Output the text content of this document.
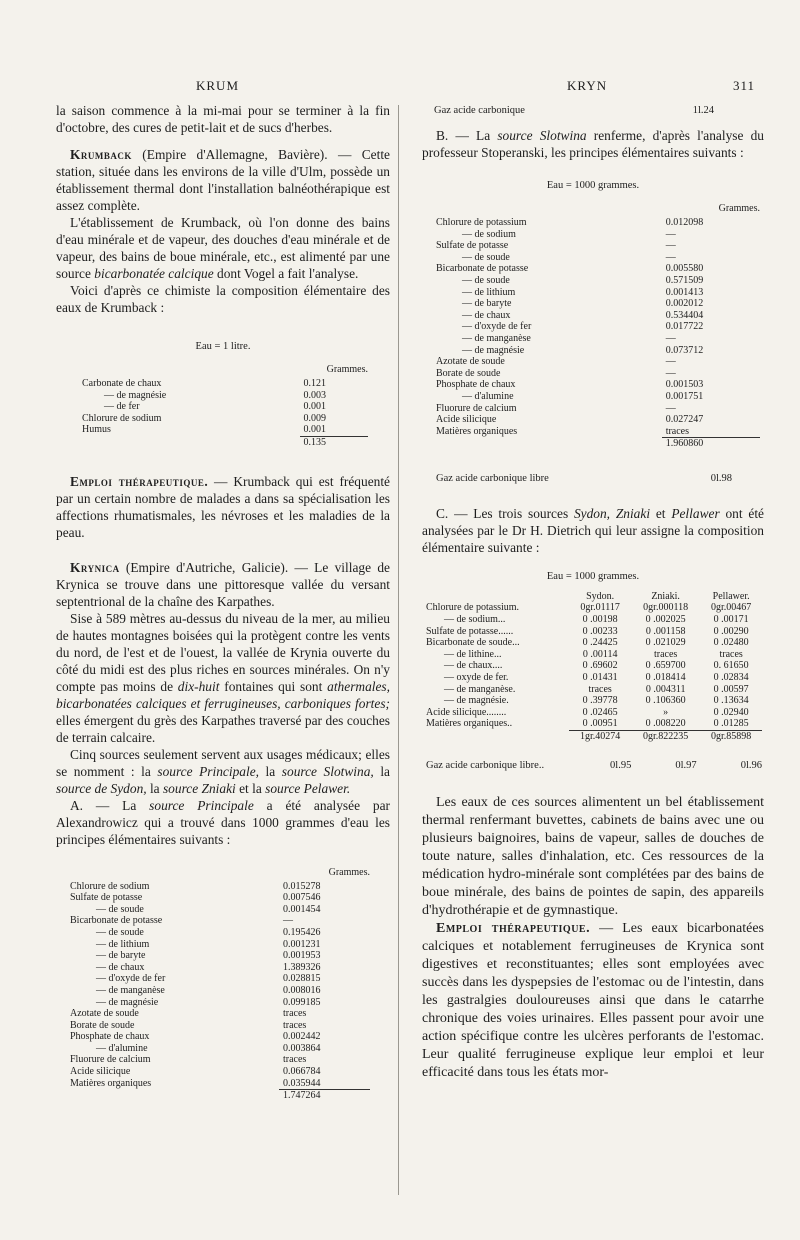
KRUM	KRYN	311

la saison commence à la mi-mai pour se terminer à la fin d'octobre, des cures de petit-lait et de sucs d'herbes.

Krumback (Empire d'Allemagne, Bavière). — Cette station, située dans les environs de la ville d'Ulm, possède un établissement thermal dont l'installation balnéothérapique est assez complète.

L'établissement de Krumback, où l'on donne des bains d'eau minérale et de vapeur, des douches d'eau minérale et de vapeur, des bains de boue minérale, etc., est alimenté par une source bicarbonatée calcique dont Vogel a fait l'analyse.

Voici d'après ce chimiste la composition élémentaire des eaux de Krumback :

Eau = 1 litre.
Grammes.
Carbonate de chaux	0.121
— de magnésie	0.003
— de fer	0.001
Chlorure de sodium	0.009
Humus	0.001
	0.135

Emploi thérapeutique. — Krumback qui est fréquenté par un certain nombre de malades a dans sa spécialisation les affections rhumatismales, les névroses et les maladies de la peau.

Krynica (Empire d'Autriche, Galicie). — Le village de Krynica se trouve dans une pittoresque vallée du versant septentrional de la chaîne des Karpathes.

Sise à 589 mètres au-dessus du niveau de la mer, au milieu de hautes montagnes boisées qui la protègent contre les vents du nord, de l'est et de l'ouest, la vallée de Krynia ouverte du côté du midi est des plus riches en sources minérales. On n'y compte pas moins de dix-huit fontaines qui sont athermales, bicarbonatées calciques et ferrugineuses, carboniques fortes; elles émergent du grès des Karpathes traversé par des couches de terrain calcaire.

Cinq sources seulement servent aux usages médicaux; elles se nomment : la source Principale, la source Slotwina, la source de Sydon, la source Zniaki et la source Pelawer.

A. — La source Principale a été analysée par Alexandrowicz qui a trouvé dans 1000 grammes d'eau les principes élémentaires suivants :

Grammes.
Chlorure de sodium	0.015278
Sulfate de potasse	0.007546
— de soude	0.001454
Bicarbonate de potasse	—
— de soude	0.195426
— de lithium	0.001231
— de baryte	0.001953
— de chaux	1.389326
— d'oxyde de fer	0.028815
— de manganèse	0.008016
— de magnésie	0.099185
Azotate de soude	traces
Borate de soude	traces
Phosphate de chaux	0.002442
— d'alumine	0.003864
Fluorure de calcium	traces
Acide silicique	0.066784
Matières organiques	0.035944
	1.747264
Gaz acide carbonique	1l.24

B. — La source Slotwina renferme, d'après l'analyse du professeur Stoperanski, les principes élémentaires suivants :

Eau = 1000 grammes.
Grammes.
Chlorure de potassium	0.012098
— de sodium	—
Sulfate de potasse	—
— de soude	—
Bicarbonate de potasse	0.005580
— de soude	0.571509
— de lithium	0.001413
— de baryte	0.002012
— de chaux	0.534404
— d'oxyde de fer	0.017722
— de manganèse	—
— de magnésie	0.073712
Azotate de soude	—
Borate de soude	—
Phosphate de chaux	0.001503
— d'alumine	0.001751
Fluorure de calcium	—
Acide silicique	0.027247
Matières organiques	traces
	1.960860
Gaz acide carbonique libre	0l.98

C. — Les trois sources Sydon, Zniaki et Pellawer ont été analysées par le Dr H. Dietrich qui leur assigne la composition élémentaire suivante :

Eau = 1000 grammes.
	Sydon.	Zniaki.	Pellawer.
Chlorure de potassium.	0gr.01117	0gr.000118	0gr.00467
— de sodium...	0 .00198	0 .002025	0 .00171
Sulfate de potasse......	0 .00233	0 .001158	0 .00290
Bicarbonate de soude...	0 .24425	0 .021029	0 .02480
— de lithine...	0 .00114	traces	traces
— de chaux....	0 .69602	0 .659700	0. 61650
— oxyde de fer.	0 .01431	0 .018414	0 .02834
— de manganèse.	traces	0 .004311	0 .00597
— de magnésie.	0 .39778	0 .106360	0 .13634
Acide silicique........	0 .02465	»	0 .02940
Matières organiques..	0 .00951	0 .008220	0 .01285
	1gr.40274	0gr.822235	0gr.85898
Gaz acide carbonique libre..	0l.95	0l.97	0l.96

Les eaux de ces sources alimentent un bel établissement thermal renfermant buvettes, cabinets de bains avec une ou plusieurs baignoires, bains de vapeur, salles de douches de toute nature, salles d'inhalation, etc. Ces ressources de la médication hydro-minérale sont complétées par des bains de boue minérale, des bains de pointes de sapin, des appareils d'hydrothérapie et de gymnastique.

Emploi thérapeutique. — Les eaux bicarbonatées calciques et notablement ferrugineuses de Krynica sont digestives et reconstituantes; elles sont employées avec succès dans les dyspepsies de l'estomac ou de l'intestin, dans les gastralgies douloureuses ainsi que dans le catarrhe chronique des voies urinaires. Elles passent pour avoir une action spécifique contre les ulcères perforants de l'estomac. Leur qualité ferrugineuse explique leur emploi et leur efficacité dans tous les états mor-
